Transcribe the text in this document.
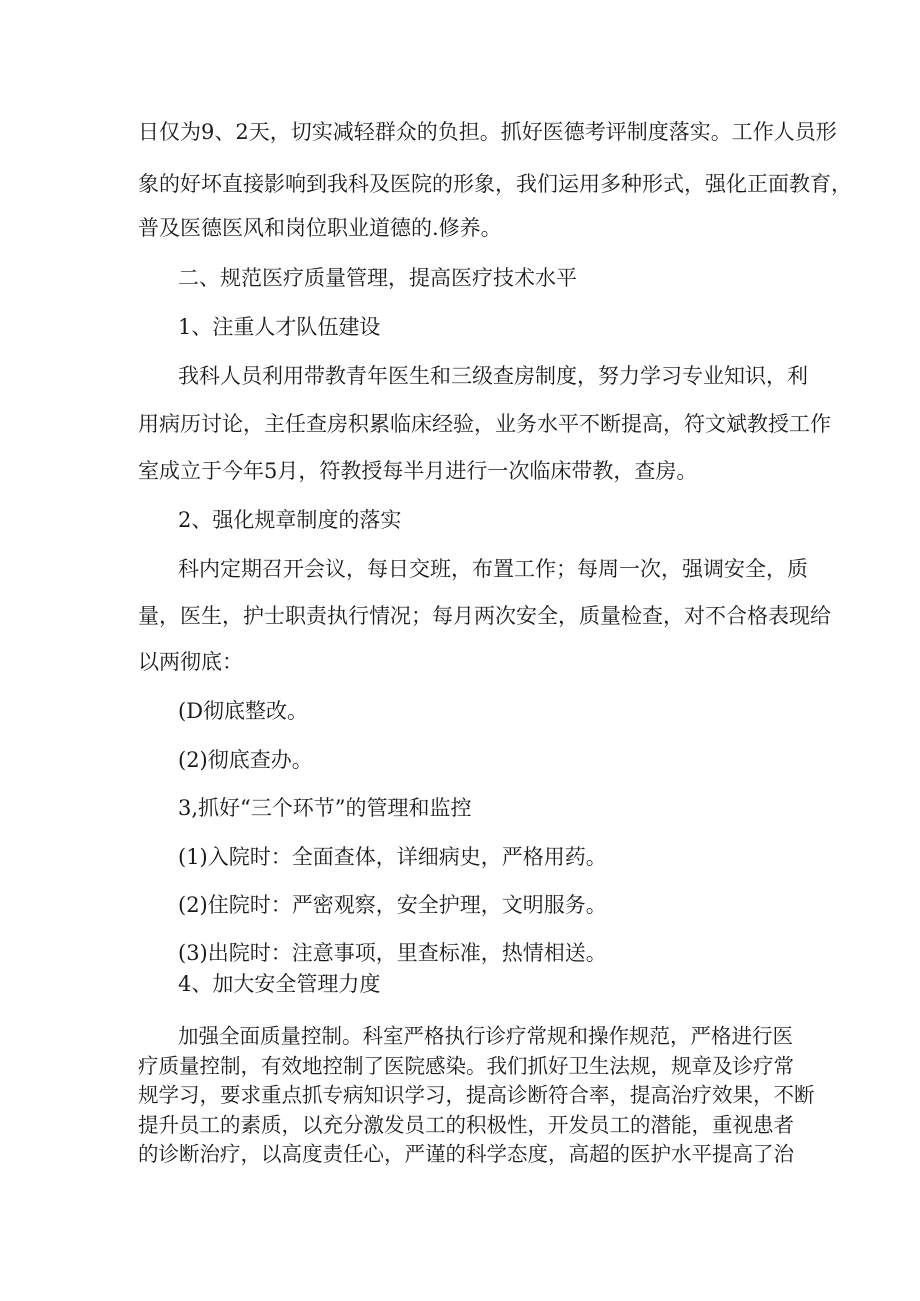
日仅为9、2天，切实减轻群众的负担。抓好医德考评制度落实。工作人员形
象的好坏直接影响到我科及医院的形象，我们运用多种形式，强化正面教育，
普及医德医风和岗位职业道德的.修养。
二、规范医疗质量管理，提高医疗技术水平
1、注重人才队伍建设
我科人员利用带教青年医生和三级查房制度，努力学习专业知识，利
用病历讨论，主任查房积累临床经验，业务水平不断提高，符文斌教授工作
室成立于今年5月，符教授每半月进行一次临床带教，查房。
2、强化规章制度的落实
科内定期召开会议，每日交班，布置工作；每周一次，强调安全，质
量，医生，护士职责执行情况；每月两次安全，质量检查，对不合格表现给
以两彻底：
(D彻底整改。
(2)彻底查办。
3,抓好“三个环节”的管理和监控
(1)入院时：全面查体，详细病史，严格用药。
(2)住院时：严密观察，安全护理，文明服务。
(3)出院时：注意事项，里查标准，热情相送。
4、加大安全管理力度
加强全面质量控制。科室严格执行诊疗常规和操作规范，严格进行医
疗质量控制，有效地控制了医院感染。我们抓好卫生法规，规章及诊疗常
规学习，要求重点抓专病知识学习，提高诊断符合率，提高治疗效果，不断
提升员工的素质，以充分激发员工的积极性，开发员工的潜能，重视患者
的诊断治疗，以高度责任心，严谨的科学态度，高超的医护水平提高了治
